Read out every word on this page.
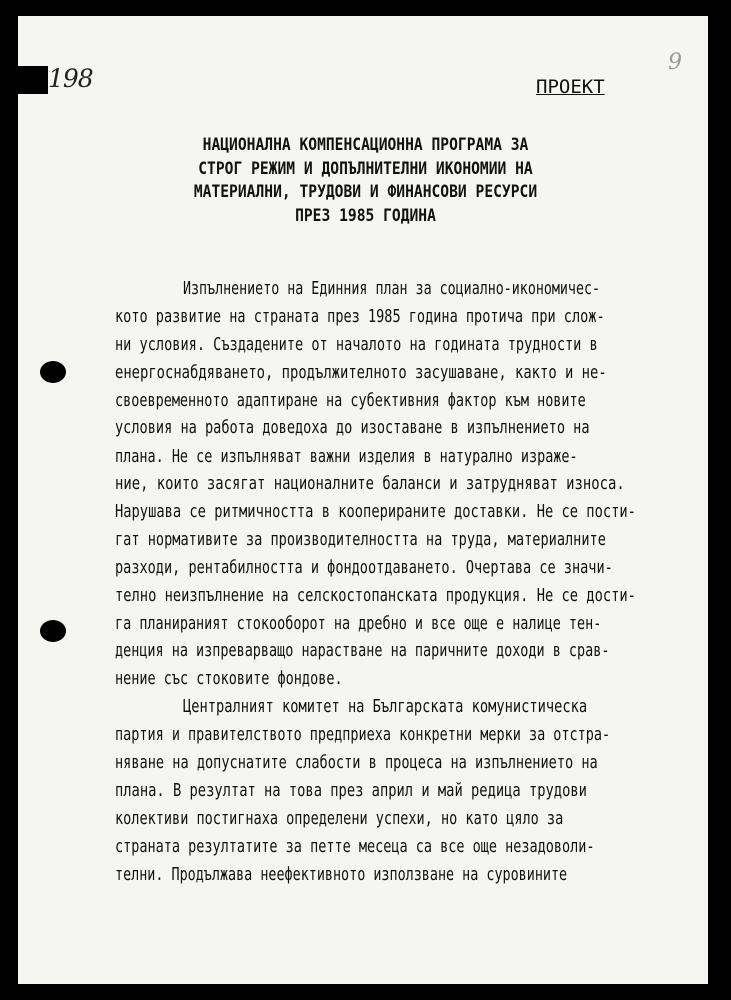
198
9
ПРОЕКТ
НАЦИОНАЛНА КОМПЕНСАЦИОННА ПРОГРАМА ЗА
СТРОГ РЕЖИМ И ДОПЪЛНИТЕЛНИ ИКОНОМИИ НА
МАТЕРИАЛНИ, ТРУДОВИ И ФИНАНСОВИ РЕСУРСИ
ПРЕЗ 1985 ГОДИНА
Изпълнението на Единния план за социално-икономичес-
кото развитие на страната през 1985 година протича при слож-
ни условия. Създадените от началото на годината трудности в
енергоснабдяването, продължителното засушаване, както и не-
своевременното адаптиране на субективния фактор към новите
условия на работа доведоха до изоставане в изпълнението на
плана. Не се изпълняват важни изделия в натурално израже-
ние, които засягат националните баланси и затрудняват износа.
Нарушава се ритмичността в кооперираните доставки. Не се пости-
гат нормативите за производителността на труда, материалните
разходи, рентабилността и фондоотдаването. Очертава се значи-
телно неизпълнение на селскостопанската продукция. Не се дости-
га планираният стокооборот на дребно и все още е налице тен-
денция на изпреварващо нарастване на паричните доходи в срав-
нение със стоковите фондове.
Централният комитет на Българската комунистическа
партия и правителството предприеха конкретни мерки за отстра-
няване на допуснатите слабости в процеса на изпълнението на
плана. В резултат на това през април и май редица трудови
колективи постигнаха определени успехи, но като цяло за
страната резултатите за петте месеца са все още незадоволи-
телни. Продължава неефективното използване на суровините
